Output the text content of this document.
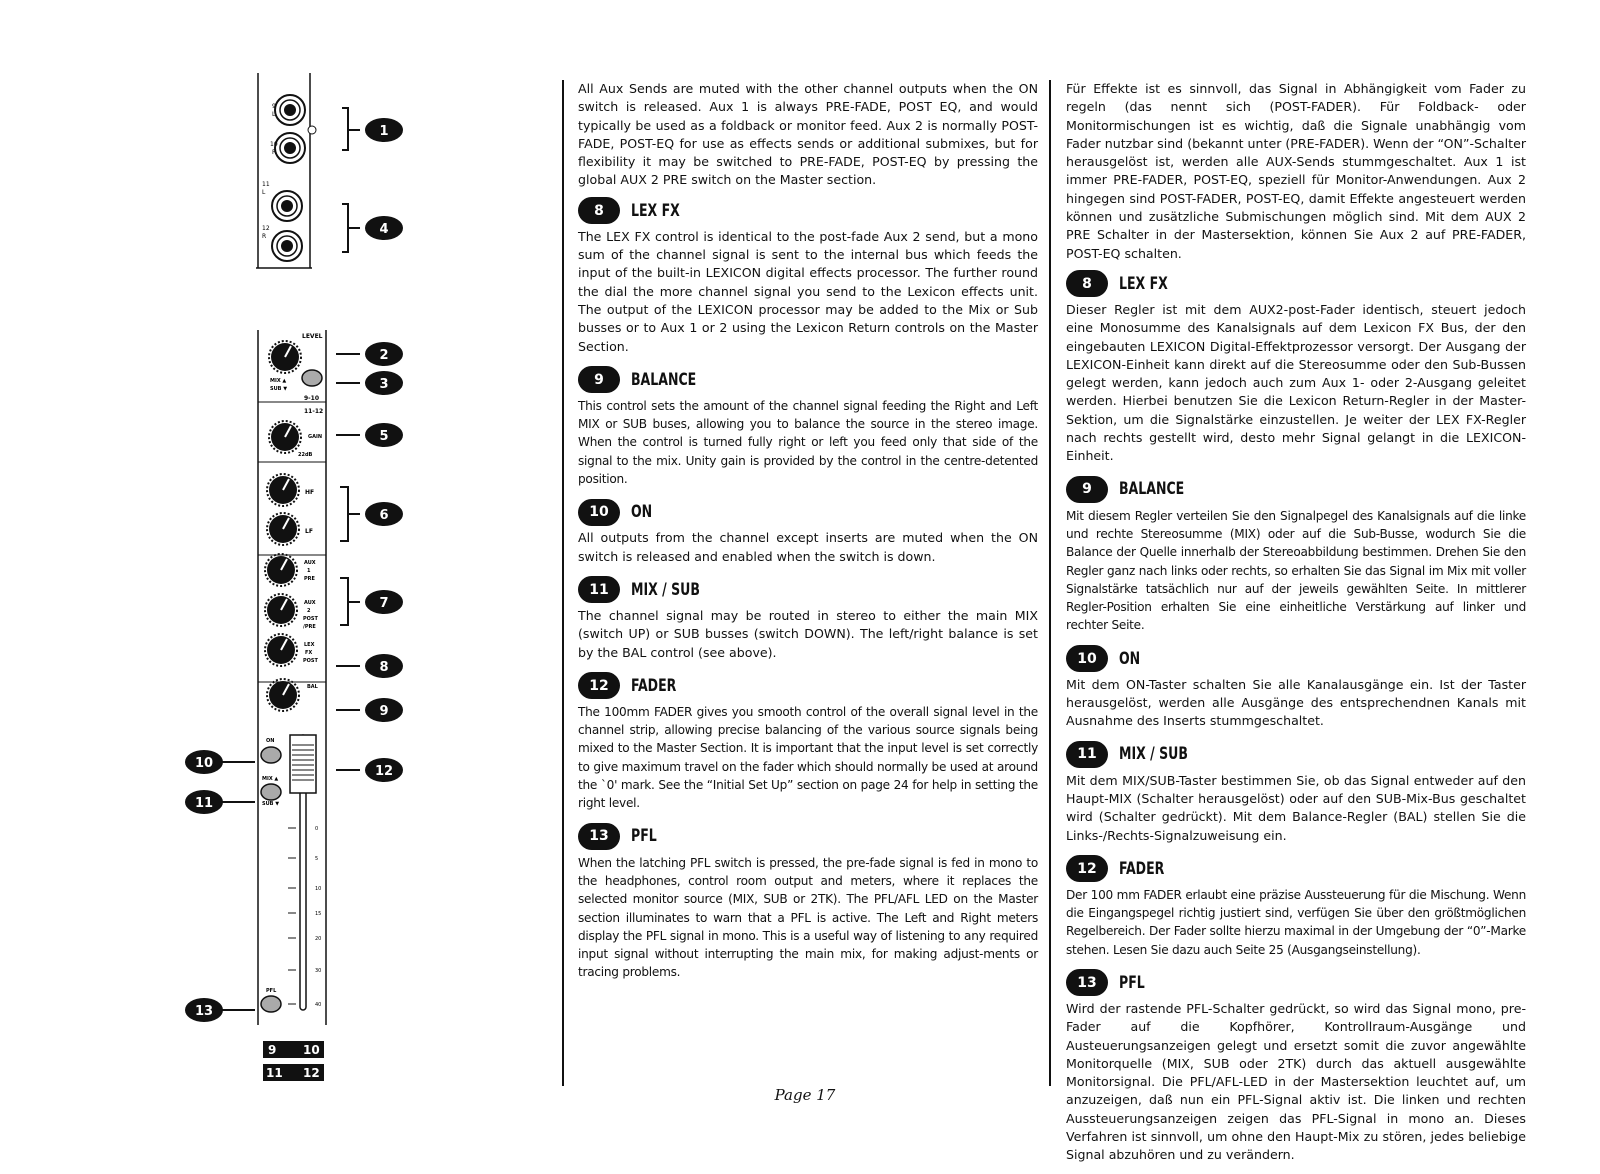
9
L
10
R
11
L
12
R
LEVEL
MIX ▲
SUB ▼
9-10
11-12
GAIN
22dB
HF
LF
AUX
1
PRE
AUX
2
POST
/PRE
LEX
FX
POST
BAL
ON
MIX ▲
SUB ▼
0
5
10
15
20
30
40
PFL
9 10
11 12
1
4
2
3
5
6
7
8
9
12
10
11
13

All Aux Sends are muted with the other channel outputs when the ON switch is released. Aux 1 is always PRE-FADE, POST EQ, and would typically be used as a foldback or monitor feed. Aux 2 is normally POST-FADE, POST-EQ for use as effects sends or additional submixes, but for flexibility it may be switched to PRE-FADE, POST-EQ by pressing the global AUX 2 PRE switch on the Master section.

8	LEX FX

The LEX FX control is identical to the post-fade Aux 2 send, but a mono sum of the channel signal is sent to the internal bus which feeds the input of the built-in LEXICON digital effects processor. The further round the dial the more channel signal you send to the Lexicon effects unit. The output of the LEXICON processor may be added to the Mix or Sub busses or to Aux 1 or 2 using the Lexicon Return controls on the Master Section.

9	BALANCE

This control sets the amount of the channel signal feeding the Right and Left MIX or SUB buses, allowing you to balance the source in the stereo image. When the control is turned fully right or left you feed only that side of the signal to the mix. Unity gain is provided by the control in the centre-detented position.

10	ON

All outputs from the channel except inserts are muted when the ON switch is released and enabled when the switch is down.

11	MIX / SUB

The channel signal may be routed in stereo to either the main MIX (switch UP) or SUB busses (switch DOWN). The left/right balance is set by the BAL control (see above).

12	FADER

The 100mm FADER gives you smooth control of the overall signal level in the channel strip, allowing precise balancing of the various source signals being mixed to the Master Section. It is important that the input level is set correctly to give maximum travel on the fader which should normally be used at around the `0' mark. See the “Initial Set Up” section on page 24 for help in setting the right level.

13	PFL

When the latching PFL switch is pressed, the pre-fade signal is fed in mono to the headphones, control room output and meters, where it replaces the selected monitor source (MIX, SUB or 2TK). The PFL/AFL LED on the Master section illuminates to warn that a PFL is active. The Left and Right meters display the PFL signal in mono. This is a useful way of listening to any required input signal without interrupting the main mix, for making adjust-ments or tracing problems.

Für Effekte ist es sinnvoll, das Signal in Abhängigkeit vom Fader zu regeln (das nennt sich (POST-FADER). Für Foldback- oder Monitormischungen ist es wichtig, daß die Signale unabhängig vom Fader nutzbar sind (bekannt unter (PRE-FADER). Wenn der “ON”-Schalter herausgelöst ist, werden alle AUX-Sends stummgeschaltet. Aux 1 ist immer PRE-FADER, POST-EQ, speziell für Monitor-Anwendungen. Aux 2 hingegen sind POST-FADER, POST-EQ, damit Effekte angesteuert werden können und zusätzliche Submischungen möglich sind. Mit dem AUX 2 PRE Schalter in der Mastersektion, können Sie Aux 2 auf PRE-FADER, POST-EQ schalten.

8	LEX FX

Dieser Regler ist mit dem AUX2-post-Fader identisch, steuert jedoch eine Monosumme des Kanalsignals auf dem Lexicon FX Bus, der den eingebauten LEXICON Digital-Effektprozessor versorgt. Der Ausgang der LEXICON-Einheit kann direkt auf die Stereosumme oder den Sub-Bussen gelegt werden, kann jedoch auch zum Aux 1- oder 2-Ausgang geleitet werden. Hierbei benutzen Sie die Lexicon Return-Regler in der Master-Sektion, um die Signalstärke einzustellen. Je weiter der LEX FX-Regler nach rechts gestellt wird, desto mehr Signal gelangt in die LEXICON-Einheit.

9	BALANCE

Mit diesem Regler verteilen Sie den Signalpegel des Kanalsignals auf die linke und rechte Stereosumme (MIX) oder auf die Sub-Busse, wodurch Sie die Balance der Quelle innerhalb der Stereoabbildung bestimmen. Drehen Sie den Regler ganz nach links oder rechts, so erhalten Sie das Signal im Mix mit voller Signalstärke tatsächlich nur auf der jeweils gewählten Seite. In mittlerer Regler-Position erhalten Sie eine einheitliche Verstärkung auf linker und rechter Seite.

10	ON

Mit dem ON-Taster schalten Sie alle Kanalausgänge ein. Ist der Taster herausgelöst, werden alle Ausgänge des entsprechendnen Kanals mit Ausnahme des Inserts stummgeschaltet.

11	MIX / SUB

Mit dem MIX/SUB-Taster bestimmen Sie, ob das Signal entweder auf den Haupt-MIX (Schalter herausgelöst) oder auf den SUB-Mix-Bus geschaltet wird (Schalter gedrückt). Mit dem Balance-Regler (BAL) stellen Sie die Links-/Rechts-Signalzuweisung ein.

12	FADER

Der 100 mm FADER erlaubt eine präzise Aussteuerung für die Mischung. Wenn die Eingangspegel richtig justiert sind, verfügen Sie über den größtmöglichen Regelbereich. Der Fader sollte hierzu maximal in der Umgebung der “0”-Marke stehen. Lesen Sie dazu auch Seite 25 (Ausgangseinstellung).

13	PFL

Wird der rastende PFL-Schalter gedrückt, so wird das Signal mono, pre-Fader auf die Kopfhörer, Kontrollraum-Ausgänge und Austeuerungsanzeigen gelegt und ersetzt somit die zuvor angewählte Monitorquelle (MIX, SUB oder 2TK) durch das aktuell ausgewählte Monitorsignal. Die PFL/AFL-LED in der Mastersektion leuchtet auf, um anzuzeigen, daß nun ein PFL-Signal aktiv ist. Die linken und rechten Aussteuerungsanzeigen zeigen das PFL-Signal in mono an. Dieses Verfahren ist sinnvoll, um ohne den Haupt-Mix zu stören, jedes beliebige Signal abzuhören und zu verändern.

Page 17
